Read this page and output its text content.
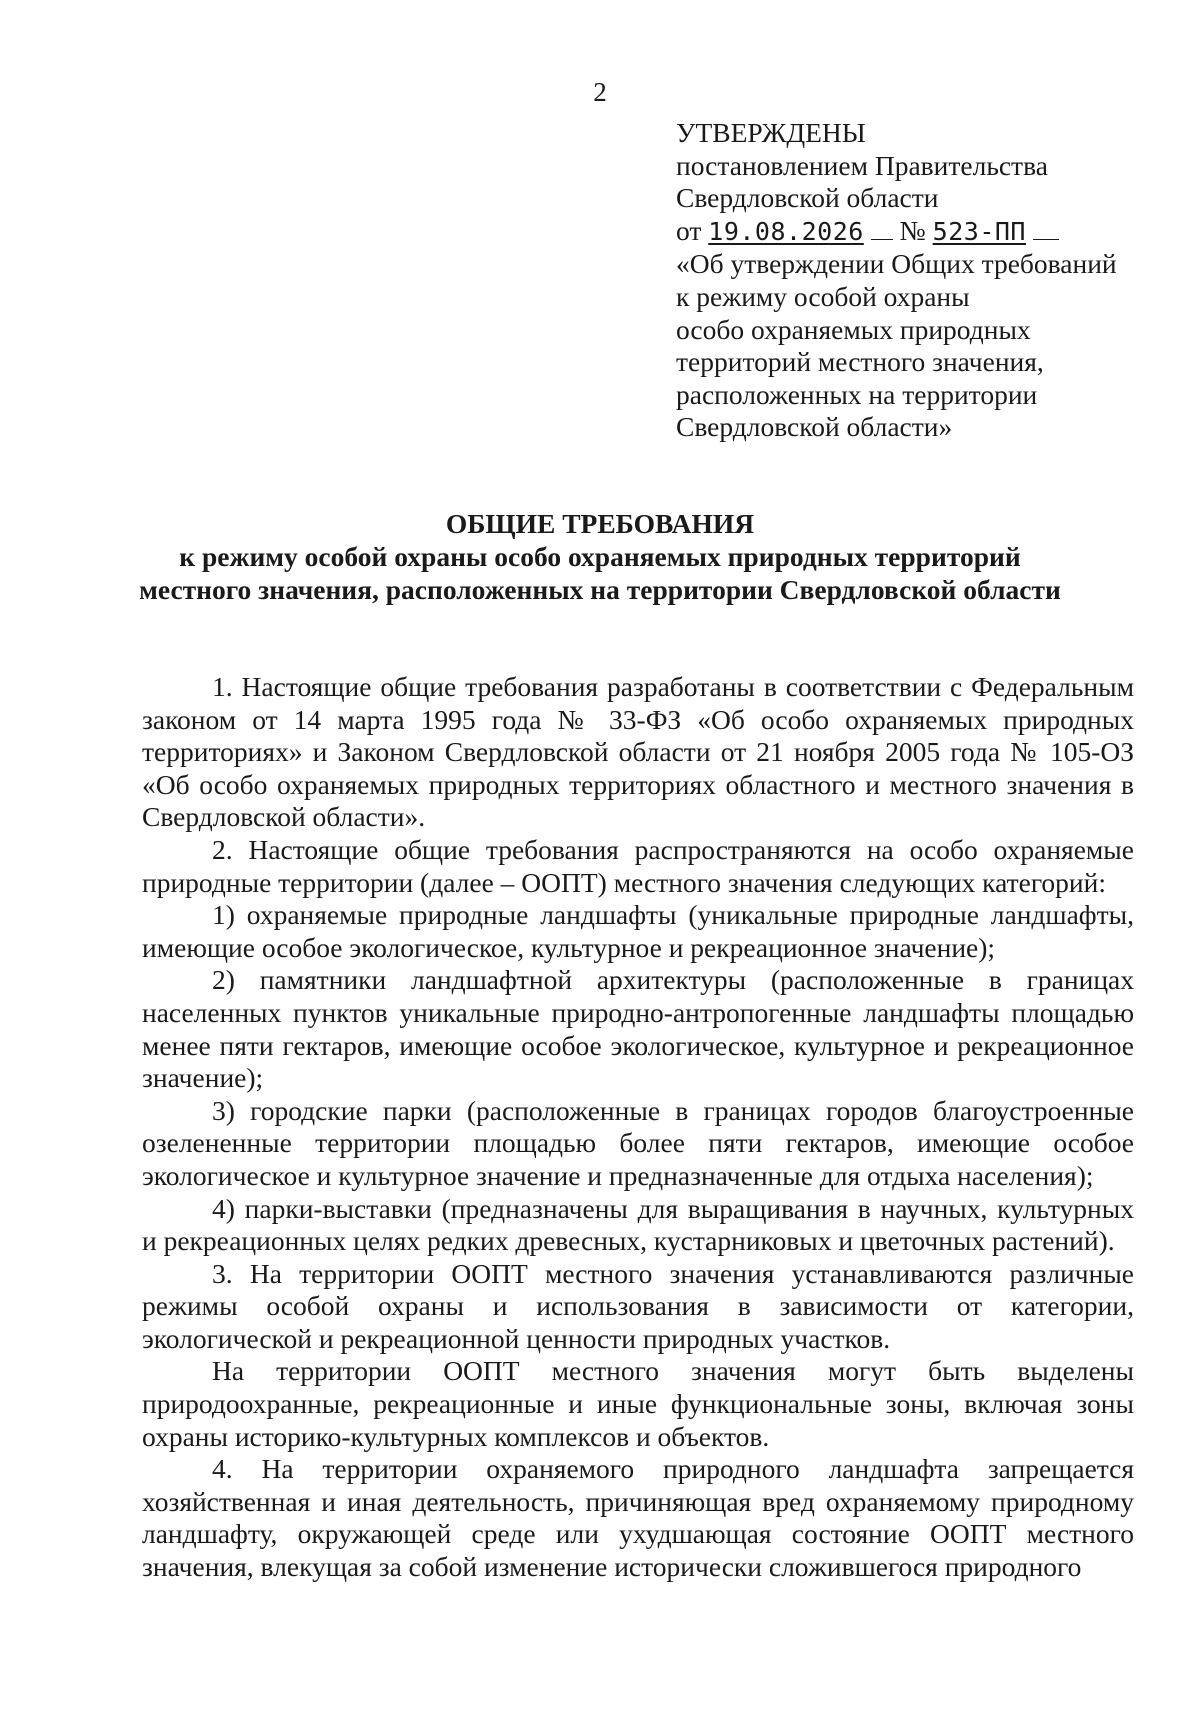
2
УТВЕРЖДЕНЫ
постановлением Правительства
Свердловской области
от 19.08.2026 № 523-ПП
«Об утверждении Общих требований
к режиму особой охраны
особо охраняемых природных
территорий местного значения,
расположенных на территории
Свердловской области»
ОБЩИЕ ТРЕБОВАНИЯ
к режиму особой охраны особо охраняемых природных территорий
местного значения, расположенных на территории Свердловской области

1. Настоящие общие требования разработаны в соответствии с Федеральным законом от 14 марта 1995 года № 33-ФЗ «Об особо охраняемых природных территориях» и Законом Свердловской области от 21 ноября 2005 года № 105-ОЗ «Об особо охраняемых природных территориях областного и местного значения в Свердловской области».

2. Настоящие общие требования распространяются на особо охраняемые природные территории (далее – ООПТ) местного значения следующих категорий:

1) охраняемые природные ландшафты (уникальные природные ландшафты, имеющие особое экологическое, культурное и рекреационное значение);

2) памятники ландшафтной архитектуры (расположенные в границах населенных пунктов уникальные природно-антропогенные ландшафты площадью менее пяти гектаров, имеющие особое экологическое, культурное и рекреационное значение);

3) городские парки (расположенные в границах городов благоустроенные озелененные территории площадью более пяти гектаров, имеющие особое экологическое и культурное значение и предназначенные для отдыха населения);

4) парки-выставки (предназначены для выращивания в научных, культурных и рекреационных целях редких древесных, кустарниковых и цветочных растений).

3. На территории ООПТ местного значения устанавливаются различные режимы особой охраны и использования в зависимости от категории, экологической и рекреационной ценности природных участков.

На территории ООПТ местного значения могут быть выделены природоохранные, рекреационные и иные функциональные зоны, включая зоны охраны историко-культурных комплексов и объектов.

4. На территории охраняемого природного ландшафта запрещается хозяйственная и иная деятельность, причиняющая вред охраняемому природному ландшафту, окружающей среде или ухудшающая состояние ООПТ местного значения, влекущая за собой изменение исторически сложившегося природного
